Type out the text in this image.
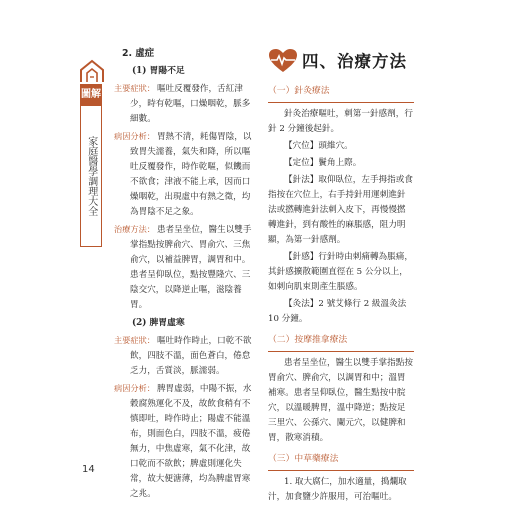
圖解
家庭醫學調理大全
2. 虛症
(1) 胃陽不足

主要症狀： 嘔吐反覆發作，舌紅津少，時有乾嘔，口燥咽乾，脈多細數。

病因分析： 胃熱不清，耗傷胃陰，以致胃失濡養，氣失和降，所以嘔吐反覆發作，時作乾嘔，似饑而不欲食；津液不能上承，因而口燥咽乾，出現虛中有熱之徵，均為胃陰不足之象。

治療方法： 患者呈坐位，醫生以雙手掌指點按脾俞穴、胃俞穴、三焦俞穴，以補益脾胃，調胃和中。患者呈仰臥位，點按豐隆穴、三陰交穴，以降逆止嘔，滋陰養胃。

(2) 脾胃虛寒

主要症狀： 嘔吐時作時止，口乾不欲飲，四肢不溫，面色蒼白，倦怠乏力，舌質淡，脈濡弱。

病因分析： 脾胃虛弱，中陽不振，水穀腐熟運化不及，故飲食稍有不慎即吐，時作時止；陽虛不能溫布，則面色白，四肢不溫，疲倦無力，中焦虛寒，氣不化津，故口乾而不欲飲；脾虛則運化失常，故大便溏薄，均為脾虛胃寒之兆。

四、治療方法
（一）針灸療法

針灸治療嘔吐，刺第一針感劑，行針 2 分鐘後起針。

【穴位】頭維穴。

【定位】鬢角上際。

【針法】取仰臥位，左手拇指或食指按在穴位上，右手持針用運刺進針法或撚轉進針法刺入皮下，再慢慢撚轉進針，到有酸性的麻脹感，阻力明顯，為第一針感劑。

【針感】行針時由刺痛轉為脹痛，其針感擴散範圍直徑在 5 公分以上，如刺向肌束則產生脹感。

【灸法】2 號艾條行 2 級溫灸法 10 分鐘。

（二）按摩推拿療法

患者呈坐位，醫生以雙手掌指點按胃俞穴、脾俞穴，以調胃和中；溫胃補寒。患者呈仰臥位，醫生點按中脘穴，以溫暖脾胃，溫中降逆；點按足三里穴、公孫穴、闌元穴，以健脾和胃，散寒消積。

（三）中草藥療法

1. 取大腐仁，加水適量，搗爛取汁，加食鹽少許服用，可治嘔吐。

14
